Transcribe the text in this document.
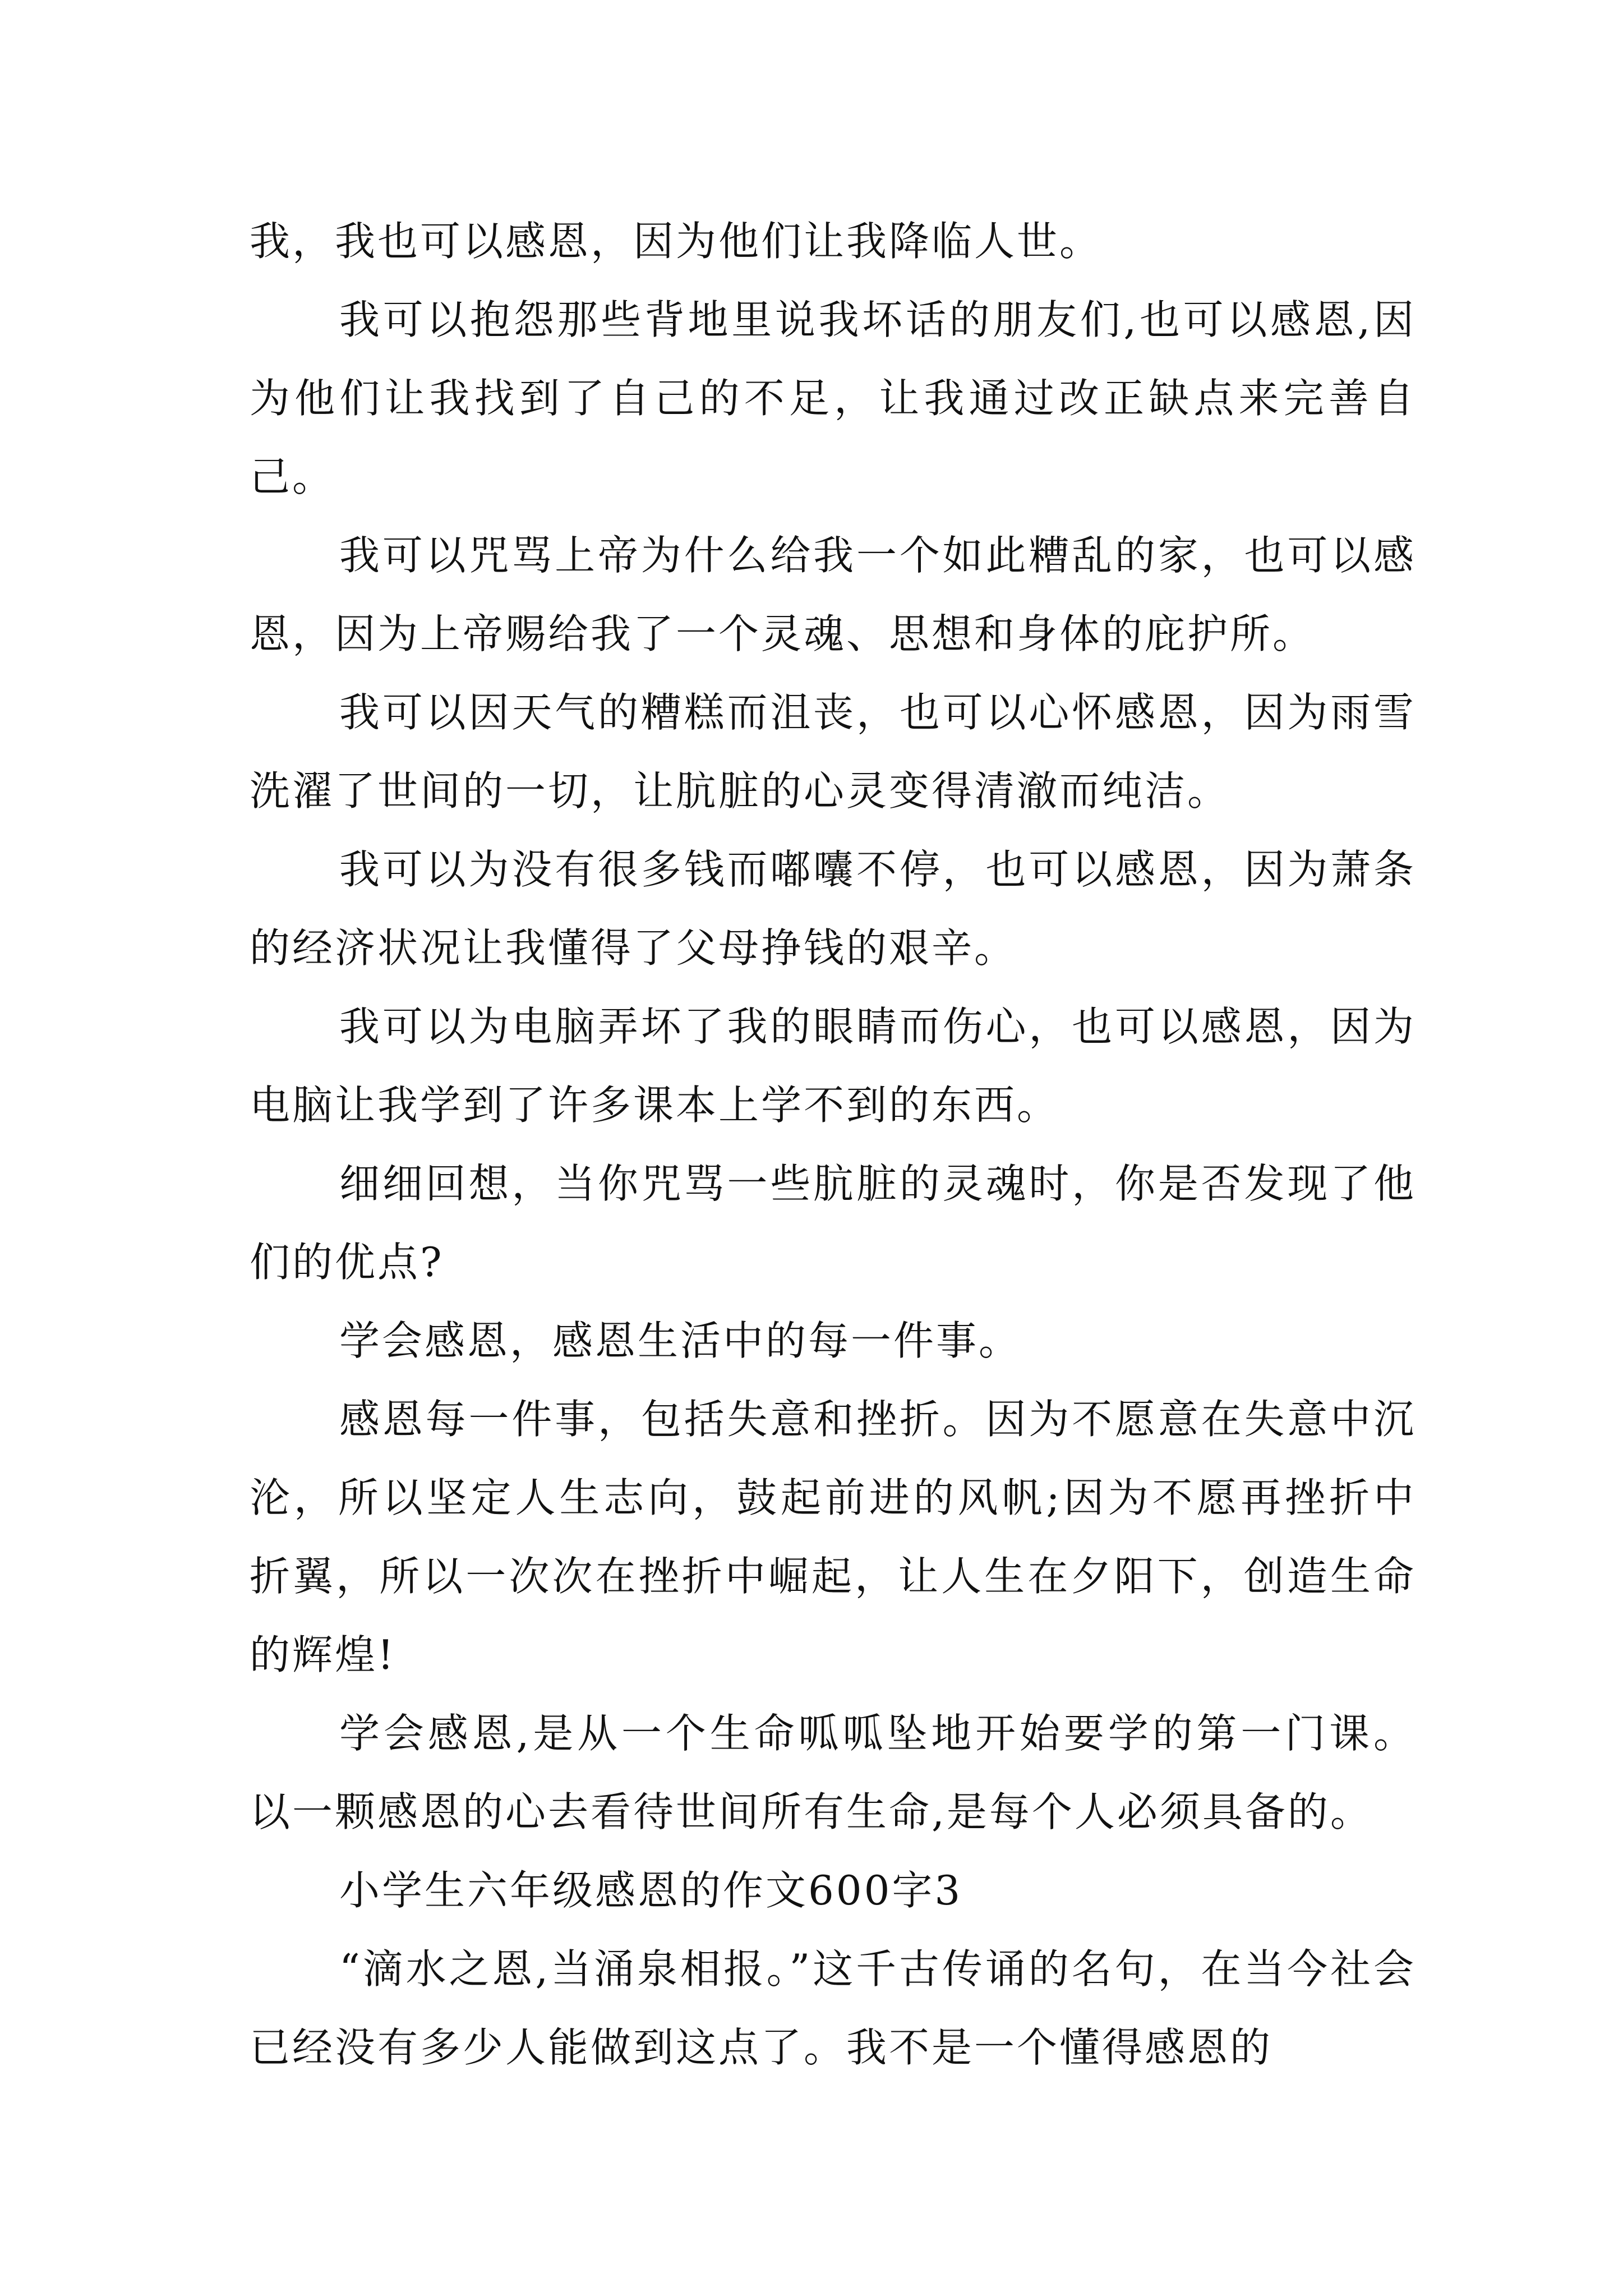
我，我也可以感恩，因为他们让我降临人世。

我可以抱怨那些背地里说我坏话的朋友们,也可以感恩,因为他们让我找到了自己的不足，让我通过改正缺点来完善自己。

我可以咒骂上帝为什么给我一个如此糟乱的家，也可以感恩，因为上帝赐给我了一个灵魂、思想和身体的庇护所。

我可以因天气的糟糕而沮丧，也可以心怀感恩，因为雨雪洗濯了世间的一切，让肮脏的心灵变得清澈而纯洁。

我可以为没有很多钱而嘟囔不停，也可以感恩，因为萧条的经济状况让我懂得了父母挣钱的艰辛。

我可以为电脑弄坏了我的眼睛而伤心，也可以感恩，因为电脑让我学到了许多课本上学不到的东西。

细细回想，当你咒骂一些肮脏的灵魂时，你是否发现了他们的优点?

学会感恩，感恩生活中的每一件事。

感恩每一件事，包括失意和挫折。因为不愿意在失意中沉沦，所以坚定人生志向，鼓起前进的风帆;因为不愿再挫折中折翼，所以一次次在挫折中崛起，让人生在夕阳下，创造生命的辉煌!

学会感恩,是从一个生命呱呱坠地开始要学的第一门课。以一颗感恩的心去看待世间所有生命,是每个人必须具备的。

小学生六年级感恩的作文600字3

“滴水之恩,当涌泉相报。”这千古传诵的名句，在当今社会已经没有多少人能做到这点了。我不是一个懂得感恩的
